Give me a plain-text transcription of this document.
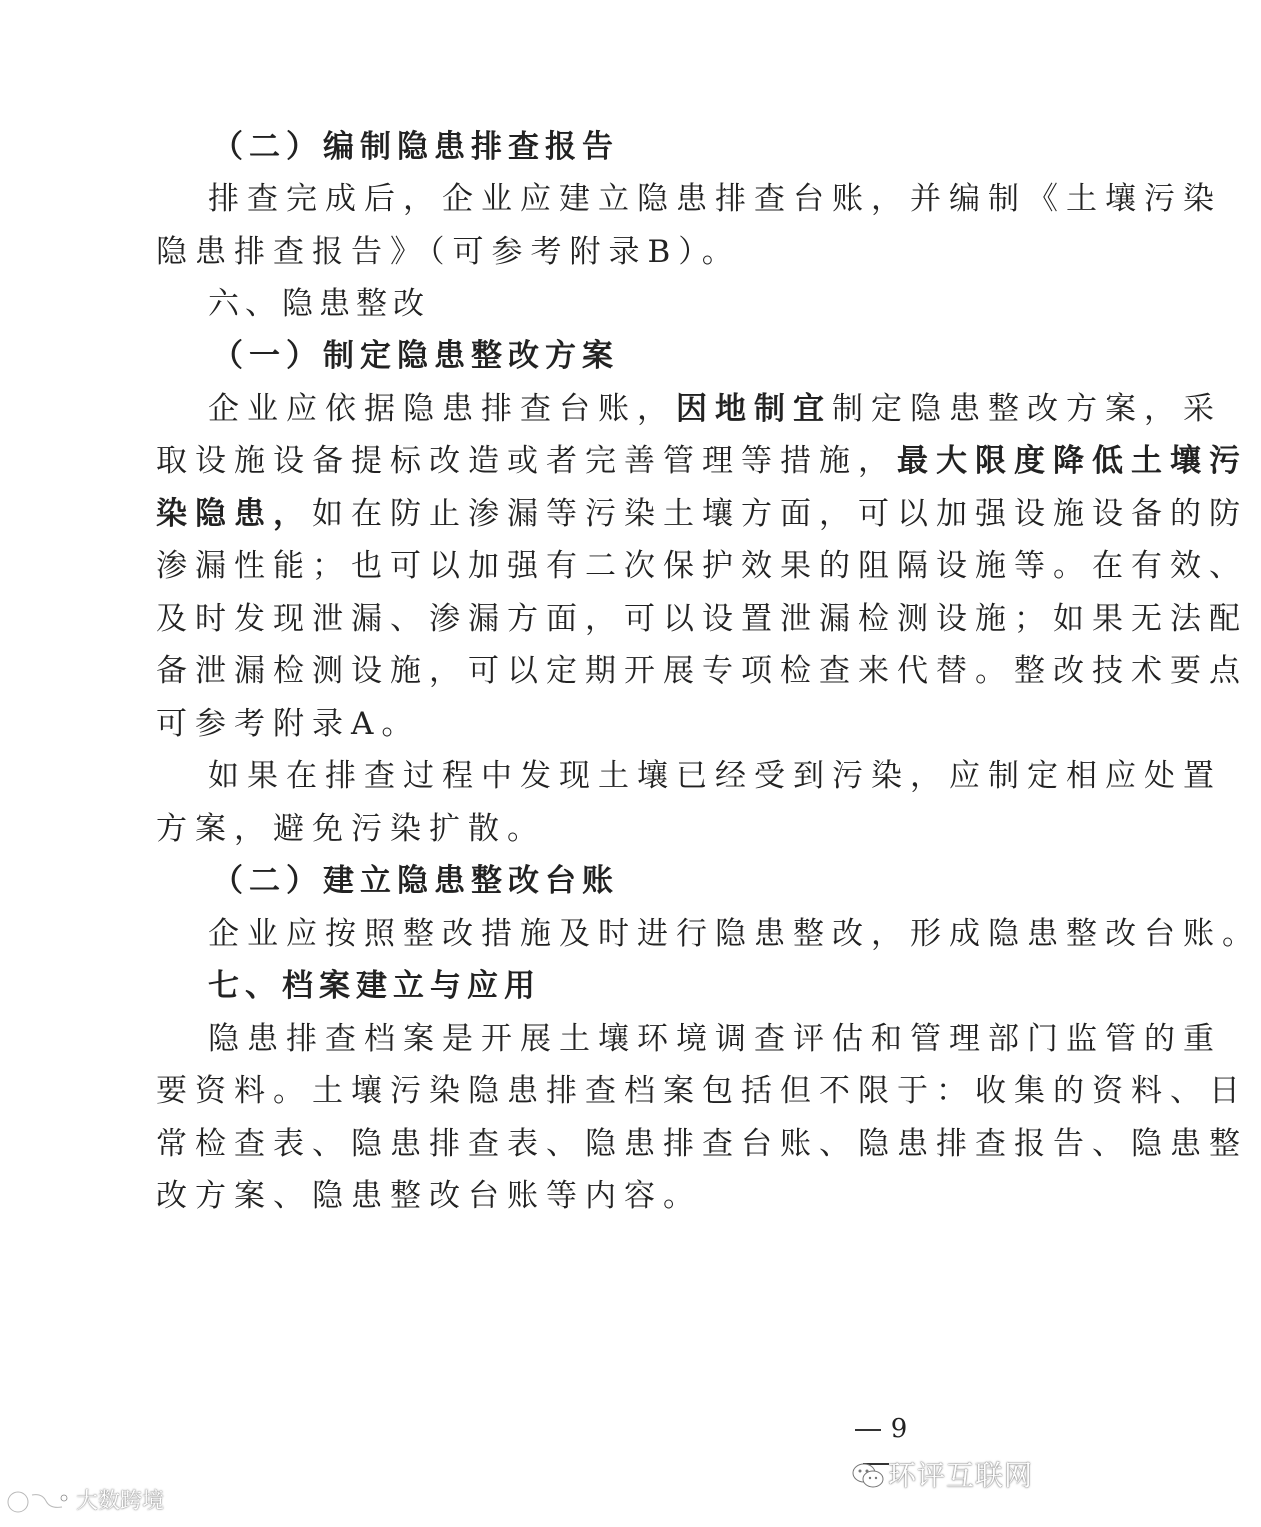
（二）编制隐患排查报告
排查完成后，企业应建立隐患排查台账，并编制《土壤污染
隐患排查报告》（可参考附录B）。
六、隐患整改
（一）制定隐患整改方案
企业应依据隐患排查台账，因地制宜制定隐患整改方案，采
取设施设备提标改造或者完善管理等措施，最大限度降低土壤污
染隐患，如在防止渗漏等污染土壤方面，可以加强设施设备的防
渗漏性能；也可以加强有二次保护效果的阻隔设施等。在有效、
及时发现泄漏、渗漏方面，可以设置泄漏检测设施；如果无法配
备泄漏检测设施，可以定期开展专项检查来代替。整改技术要点
可参考附录A。
如果在排查过程中发现土壤已经受到污染，应制定相应处置
方案，避免污染扩散。
（二）建立隐患整改台账
企业应按照整改措施及时进行隐患整改，形成隐患整改台账。
七、档案建立与应用
隐患排查档案是开展土壤环境调查评估和管理部门监管的重
要资料。土壤污染隐患排查档案包括但不限于：收集的资料、日
常检查表、隐患排查表、隐患排查台账、隐患排查报告、隐患整
改方案、隐患整改台账等内容。
9
大数跨境
环评互联网
